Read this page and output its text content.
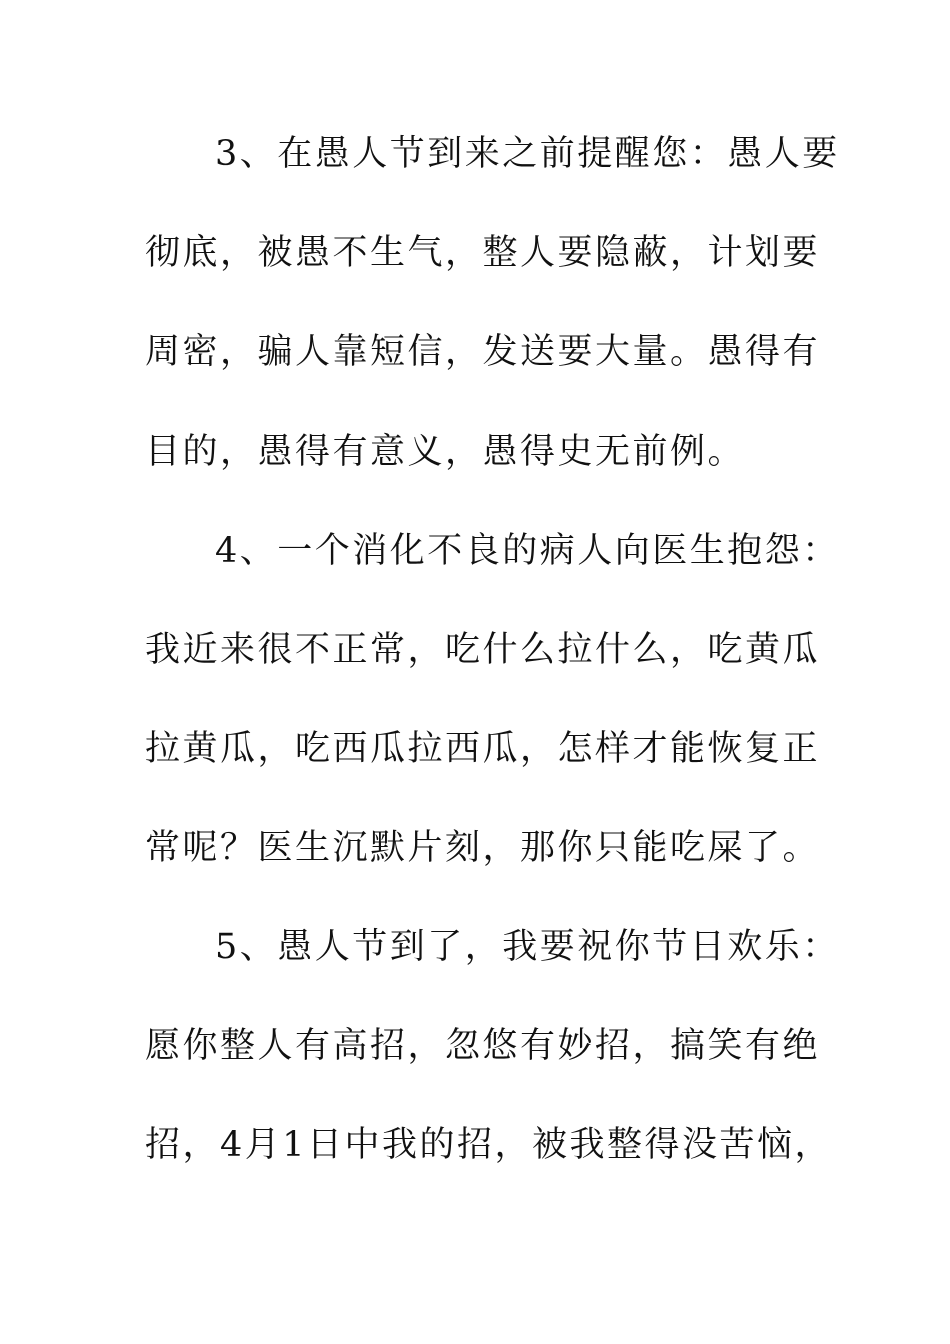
3、在愚人节到来之前提醒您：愚人要
彻底，被愚不生气，整人要隐蔽，计划要
周密，骗人靠短信，发送要大量。愚得有
目的，愚得有意义，愚得史无前例。
4、一个消化不良的病人向医生抱怨：
我近来很不正常，吃什么拉什么，吃黄瓜
拉黄瓜，吃西瓜拉西瓜，怎样才能恢复正
常呢？医生沉默片刻，那你只能吃屎了。
5、愚人节到了，我要祝你节日欢乐：
愿你整人有高招，忽悠有妙招，搞笑有绝
招，4月1日中我的招，被我整得没苦恼，
